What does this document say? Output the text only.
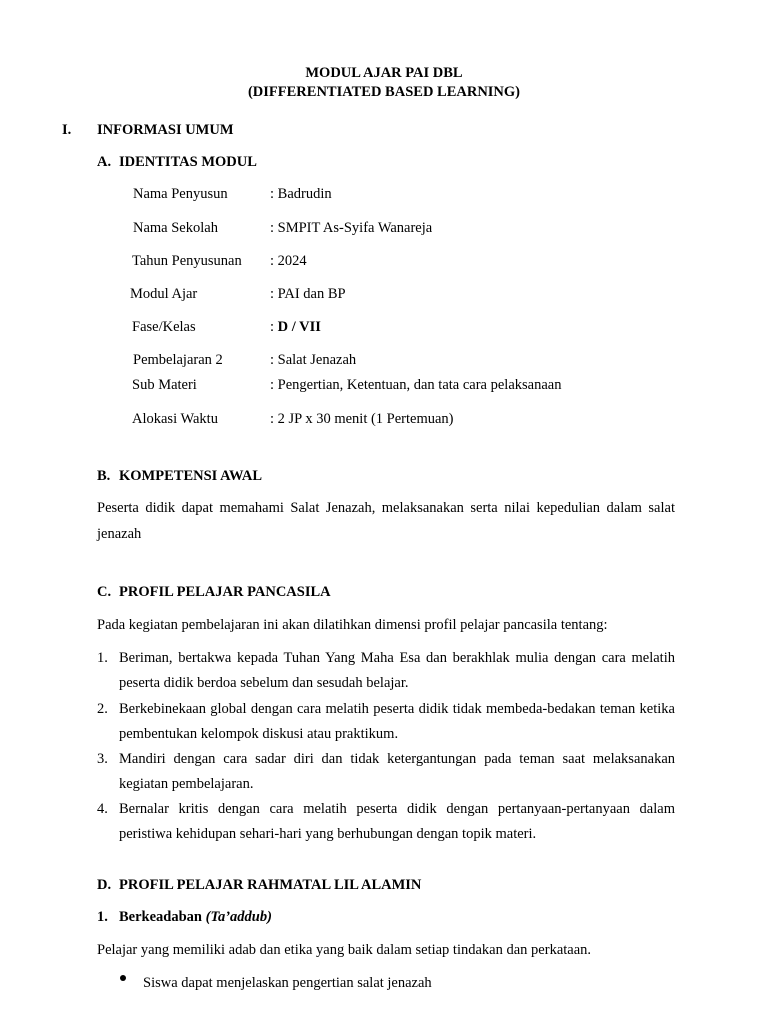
MODUL AJAR PAI DBL
(DIFFERENTIATED BASED LEARNING)
I. INFORMASI UMUM
A. IDENTITAS MODUL
Nama Penyusun	: Badrudin
Nama Sekolah	: SMPIT As-Syifa Wanareja
Tahun Penyusunan : 2024
Modul Ajar	: PAI dan BP
Fase/Kelas	: D / VII
Pembelajaran 2	: Salat Jenazah
Sub Materi	: Pengertian, Ketentuan, dan tata cara pelaksanaan
Alokasi Waktu	: 2 JP x 30 menit (1 Pertemuan)
B. KOMPETENSI AWAL
Peserta didik dapat memahami Salat Jenazah, melaksanakan serta nilai kepedulian dalam salat jenazah
C. PROFIL PELAJAR PANCASILA
Pada kegiatan pembelajaran ini akan dilatihkan dimensi profil pelajar pancasila tentang:
1. Beriman, bertakwa kepada Tuhan Yang Maha Esa dan berakhlak mulia dengan cara melatih peserta didik berdoa sebelum dan sesudah belajar.
2. Berkebinekaan global dengan cara melatih peserta didik tidak membeda-bedakan teman ketika pembentukan kelompok diskusi atau praktikum.
3. Mandiri dengan cara sadar diri dan tidak ketergantungan pada teman saat melaksanakan kegiatan pembelajaran.
4. Bernalar kritis dengan cara melatih peserta didik dengan pertanyaan-pertanyaan dalam peristiwa kehidupan sehari-hari yang berhubungan dengan topik materi.
D. PROFIL PELAJAR RAHMATAL LIL ALAMIN
1. Berkeadaban (Ta’addub)
Pelajar yang memiliki adab dan etika yang baik dalam setiap tindakan dan perkataan.
Siswa dapat menjelaskan pengertian salat jenazah
